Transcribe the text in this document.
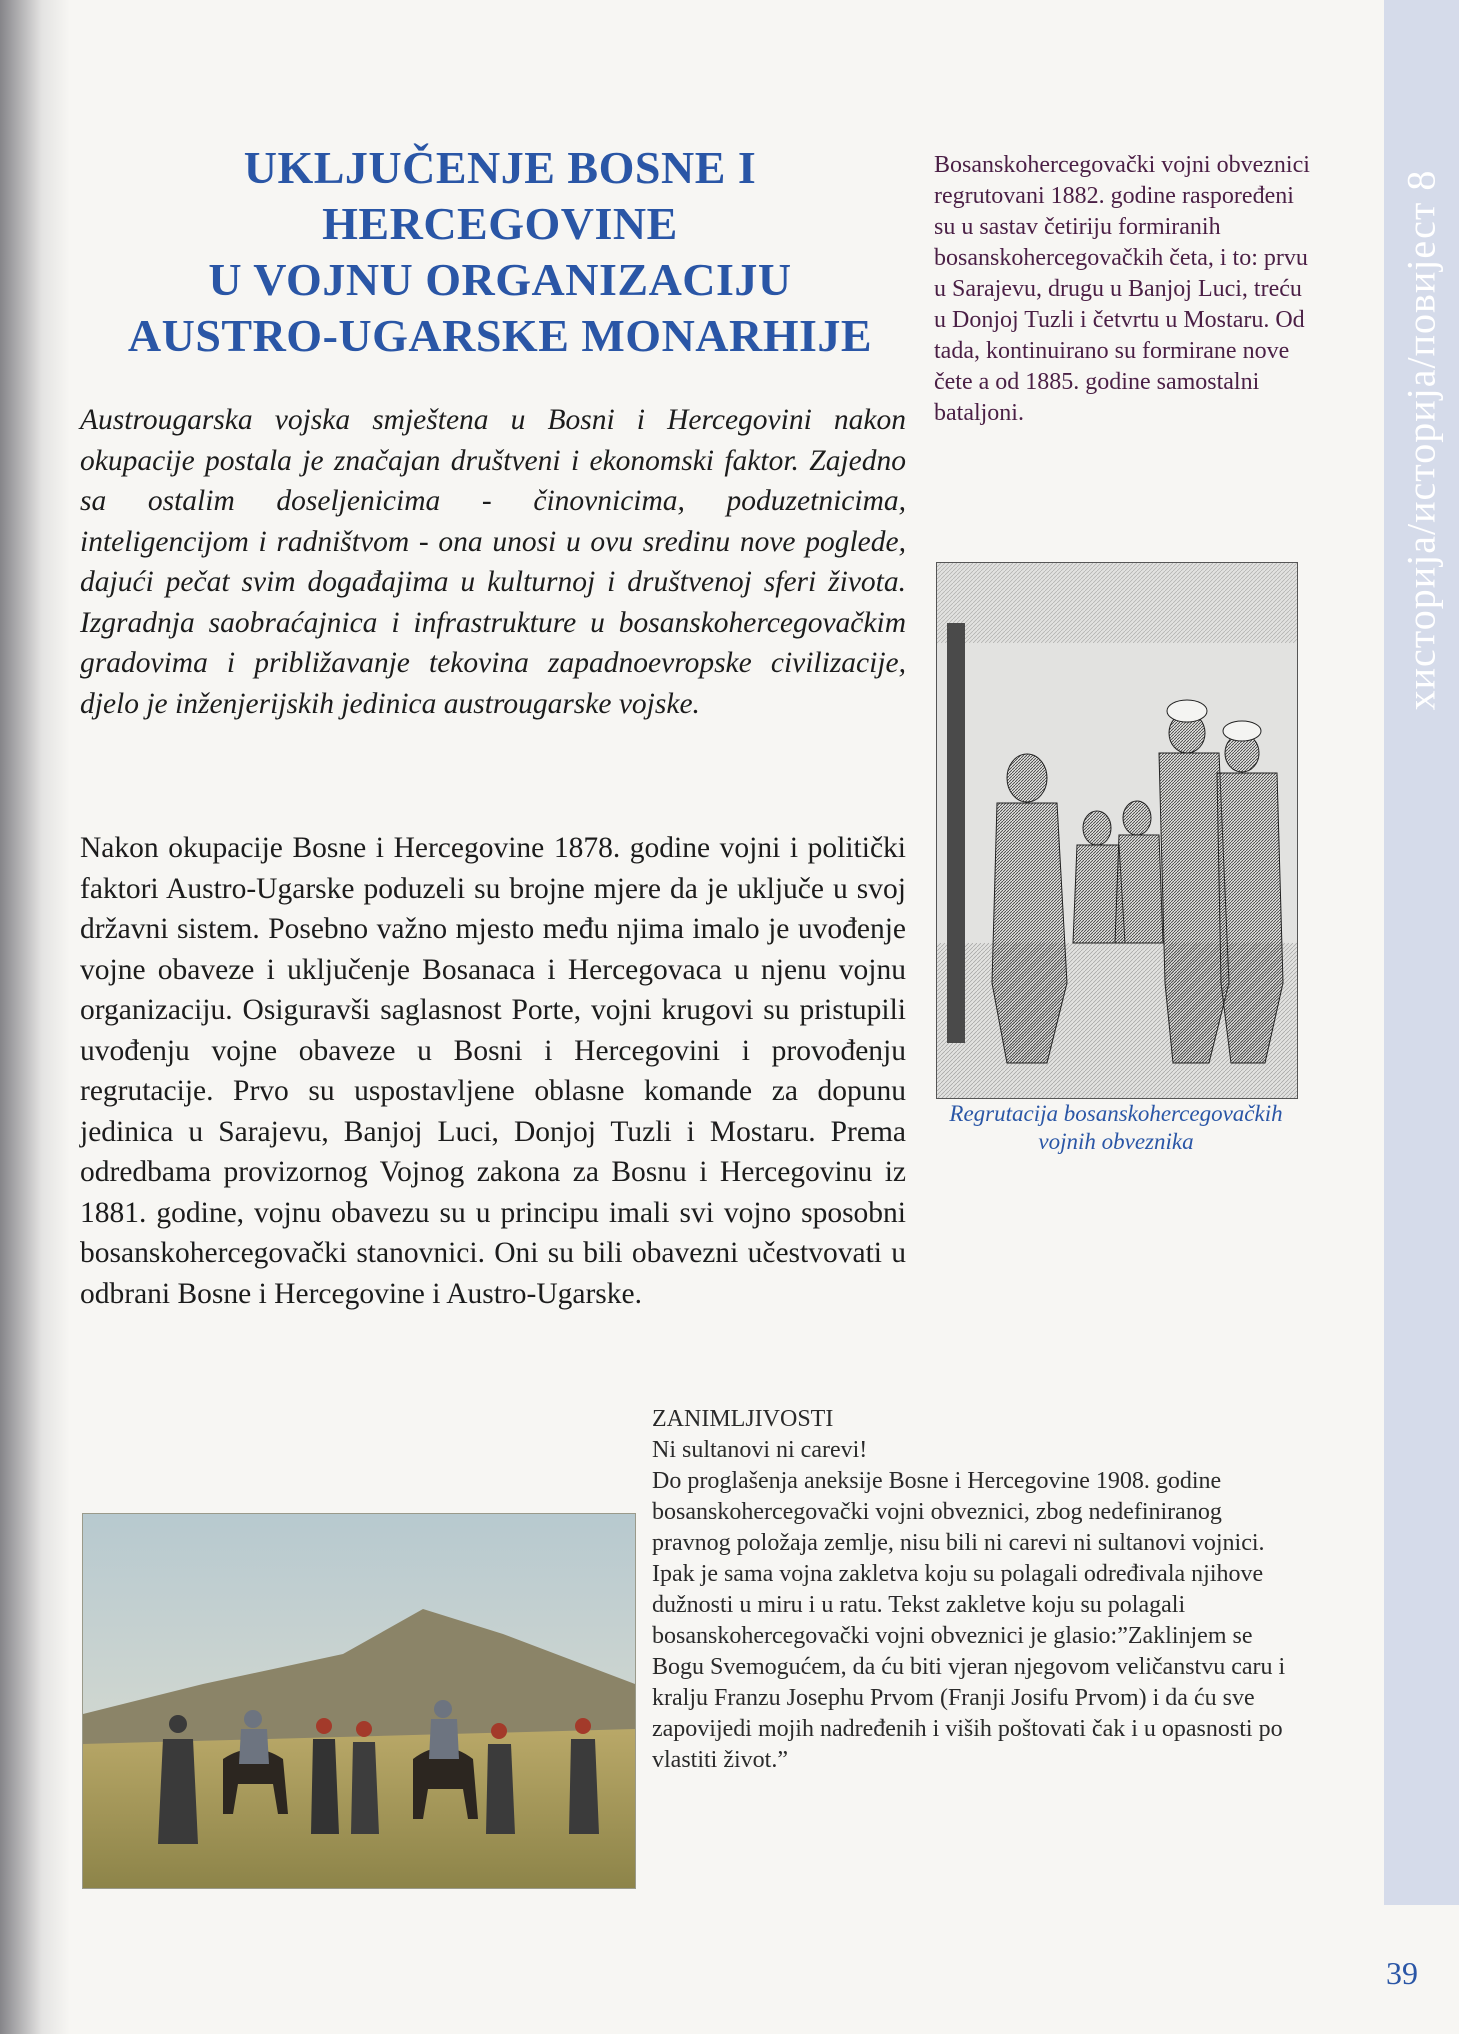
UKLJUČENJE BOSNE I HERCEGOVINE
U VOJNU ORGANIZACIJU
AUSTRO-UGARSKE MONARHIJE

Austrougarska vojska smještena u Bosni i Hercegovini nakon okupacije postala je značajan društveni i ekonomski faktor. Zajedno sa ostalim doseljenicima - činovnicima, poduzetnicima, inteligencijom i radništvom - ona unosi u ovu sredinu nove poglede, dajući pečat svim događajima u kulturnoj i društvenoj sferi života. Izgradnja saobraćajnica i infrastrukture u bosanskohercegovačkim gradovima i približavanje tekovina zapadnoevropske civilizacije, djelo je inženjerijskih jedinica austrougarske vojske.

Nakon okupacije Bosne i Hercegovine 1878. godine vojni i politički faktori Austro-Ugarske poduzeli su brojne mjere da je uključe u svoj državni sistem. Posebno važno mjesto među njima imalo je uvođenje vojne obaveze i uključenje Bosanaca i Hercegovaca u njenu vojnu organizaciju. Osiguravši saglasnost Porte, vojni krugovi su pristupili uvođenju vojne obaveze u Bosni i Hercegovini i provođenju regrutacije. Prvo su uspostavljene oblasne komande za dopunu jedinica u Sarajevu, Banjoj Luci, Donjoj Tuzli i Mostaru. Prema odredbama provizornog Vojnog zakona za Bosnu i Hercegovinu iz 1881. godine, vojnu obavezu su u principu imali svi vojno sposobni bosanskohercegovački stanovnici. Oni su bili obavezni učestvovati u odbrani Bosne i Hercegovine i Austro-Ugarske.

Bosanskohercegovački vojni obveznici regrutovani 1882. godine raspoređeni su u sastav četiriju formiranih bosanskohercegovačkih četa, i to: prvu u Sarajevu, drugu u Banjoj Luci, treću u Donjoj Tuzli i četvrtu u Mostaru. Od tada, kontinuirano su formirane nove čete a od 1885. godine samostalni bataljoni.

Regrutacija bosanskohercegovačkih vojnih obveznika

ZANIMLJIVOSTI
Ni sultanovi ni carevi!
Do proglašenja aneksije Bosne i Hercegovine 1908. godine bosanskohercegovački vojni obveznici, zbog nedefiniranog pravnog položaja zemlje, nisu bili ni carevi ni sultanovi vojnici. Ipak je sama vojna zakletva koju su polagali određivala njihove dužnosti u miru i u ratu. Tekst zakletve koju su polagali bosanskohercegovački vojni obveznici je glasio:”Zaklinjem se Bogu Svemogućem, da ću biti vjeran njegovom veličanstvu caru i kralju Franzu Josephu Prvom (Franji Josifu Prvom) i da ću sve zapovijedi mojih nadređenih i viših poštovati čak i u opasnosti po vlastiti život.”
хисторија/историја/повијест 8
39
